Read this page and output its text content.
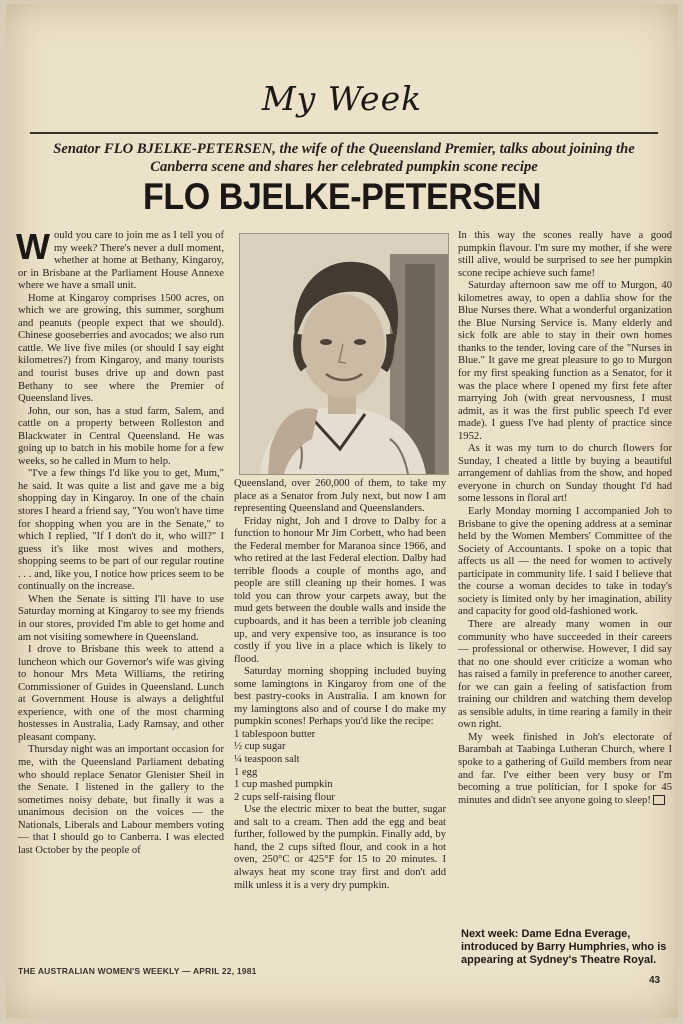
My Week
Senator FLO BJELKE-PETERSEN, the wife of the Queensland Premier, talks about joining the Canberra scene and shares her celebrated pumpkin scone recipe
FLO BJELKE-PETERSEN

Would you care to join me as I tell you of my week? There's never a dull moment, whether at home at Bethany, Kingaroy, or in Brisbane at the Parliament House Annexe where we have a small unit.

Home at Kingaroy comprises 1500 acres, on which we are growing, this summer, sorghum and peanuts (people expect that we should). Chinese gooseberries and avocados; we also run cattle. We live five miles (or should I say eight kilometres?) from Kingaroy, and many tourists and tourist buses drive up and down past Bethany to see where the Premier of Queensland lives.

John, our son, has a stud farm, Salem, and cattle on a property between Rolleston and Blackwater in Central Queensland. He was going up to batch in his mobile home for a few weeks, so he called in Mum to help.

"I've a few things I'd like you to get, Mum," he said. It was quite a list and gave me a big shopping day in Kingaroy. In one of the chain stores I heard a friend say, "You won't have time for shopping when you are in the Senate," to which I replied, "If I don't do it, who will?" I guess it's like most wives and mothers, shopping seems to be part of our regular routine . . . and, like you, I notice how prices seem to be continually on the increase.

When the Senate is sitting I'll have to use Saturday morning at Kingaroy to see my friends in our stores, provided I'm able to get home and am not visiting somewhere in Queensland.

I drove to Brisbane this week to attend a luncheon which our Governor's wife was giving to honour Mrs Meta Williams, the retiring Commissioner of Guides in Queensland. Lunch at Government House is always a delightful experience, with one of the most charming hostesses in Australia, Lady Ramsay, and other pleasant company.

Thursday night was an important occasion for me, with the Queensland Parliament debating who should replace Senator Glenister Sheil in the Senate. I listened in the gallery to the sometimes noisy debate, but finally it was a unanimous decision on the voices — the Nationals, Liberals and Labour members voting — that I should go to Canberra. I was elected last October by the people of

Queensland, over 260,000 of them, to take my place as a Senator from July next, but now I am representing Queensland and Queenslanders.

Friday night, Joh and I drove to Dalby for a function to honour Mr Jim Corbett, who had been the Federal member for Maranoa since 1966, and who retired at the last Federal election. Dalby had terrible floods a couple of months ago, and people are still cleaning up their homes. I was told you can throw your carpets away, but the mud gets between the double walls and inside the cupboards, and it has been a terrible job cleaning up, and very expensive too, as insurance is too costly if you live in a place which is likely to flood.

Saturday morning shopping included buying some lamingtons in Kingaroy from one of the best pastry-cooks in Australia. I am known for my lamingtons also and of course I do make my pumpkin scones! Perhaps you'd like the recipe:

1 tablespoon butter
½ cup sugar
¼ teaspoon salt
1 egg
1 cup mashed pumpkin
2 cups self-raising flour

Use the electric mixer to beat the butter, sugar and salt to a cream. Then add the egg and beat further, followed by the pumpkin. Finally add, by hand, the 2 cups sifted flour, and cook in a hot oven, 250°C or 425°F for 15 to 20 minutes. I always heat my scone tray first and don't add milk unless it is a very dry pumpkin.

In this way the scones really have a good pumpkin flavour. I'm sure my mother, if she were still alive, would be surprised to see her pumpkin scone recipe achieve such fame!

Saturday afternoon saw me off to Murgon, 40 kilometres away, to open a dahlia show for the Blue Nurses there. What a wonderful organization the Blue Nursing Service is. Many elderly and sick folk are able to stay in their own homes thanks to the tender, loving care of the "Nurses in Blue." It gave me great pleasure to go to Murgon for my first speaking function as a Senator, for it was the place where I opened my first fete after marrying Joh (with great nervousness, I must admit, as it was the first public speech I'd ever made). I guess I've had plenty of practice since 1952.

As it was my turn to do church flowers for Sunday, I cheated a little by buying a beautiful arrangement of dahlias from the show, and hoped everyone in church on Sunday thought I'd had some lessons in floral art!

Early Monday morning I accompanied Joh to Brisbane to give the opening address at a seminar held by the Women Members' Committee of the Society of Accountants. I spoke on a topic that affects us all — the need for women to actively participate in community life. I said I believe that the course a woman decides to take in today's society is limited only by her imagination, ability and capacity for good old-fashioned work.

There are already many women in our community who have succeeded in their careers — professional or otherwise. However, I did say that no one should ever criticize a woman who has raised a family in preference to another career, for we can gain a feeling of satisfaction from training our children and watching them develop as sensible adults, in time rearing a family in their own right.

My week finished in Joh's electorate of Barambah at Taabinga Lutheran Church, where I spoke to a gathering of Guild members from near and far. I've either been very busy or I'm becoming a true politician, for I spoke for 45 minutes and didn't see anyone going to sleep!

Next week: Dame Edna Everage, introduced by Barry Humphries, who is appearing at Sydney's Theatre Royal.
THE AUSTRALIAN WOMEN'S WEEKLY — APRIL 22, 1981
43
